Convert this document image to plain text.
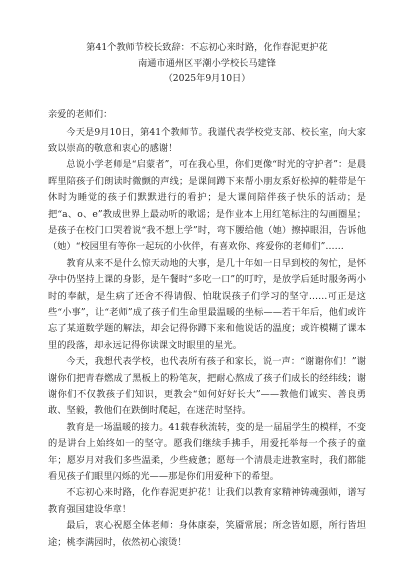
第41个教师节校长致辞：不忘初心来时路，化作春泥更护花
南通市通州区平潮小学校长马建锋
（2025年9月10日）
亲爱的老师们：

今天是9月10日，第41个教师节。我谨代表学校党支部、校长室，向大家致以崇高的敬意和衷心的感谢！

总说小学老师是“启蒙者”，可在我心里，你们更像“时光的守护者”：是晨晖里陪孩子们朗读时微颤的声线；是课间蹲下来帮小朋友系好松掉的鞋带是午休时为睡觉的孩子们默默进行的看护；是大课间陪伴孩子快乐的活动；是把“a、o、e”教成世界上最动听的歌谣；是作业本上用红笔标注的勾画圈星；是孩子在校门口哭着说“我不想上学”时，弯下腰给他（她）擦掉眼泪，告诉他（她）“校园里有等你一起玩的小伙伴，有喜欢你、疼爱你的老师们”……

教育从来不是什么惊天动地的大事，是几十年如一日早到校的匆忙，是怀孕中仍坚持上课的身影，是午餐时“多吃一口”的叮咛，是放学后延时服务两小时的奉献，是生病了还舍不得请假、怕耽误孩子们学习的坚守……可正是这些“小事”，让“老师”成了孩子们生命里最温暖的坐标——若干年后，他们或许忘了某道数学题的解法，却会记得你蹲下来和他说话的温度；或许模糊了课本里的段落，却永远记得你读课文时眼里的星光。

今天，我想代表学校，也代表所有孩子和家长，说一声：“谢谢你们！”谢谢你们把青春燃成了黑板上的粉笔灰，把耐心熬成了孩子们成长的经纬线；谢谢你们不仅教孩子们知识，更教会“如何好好长大”——教他们诚实、善良勇敢、坚毅，教他们在跌倒时爬起，在迷茫时坚持。

教育是一场温暖的接力。41载春秋流转，变的是一届届学生的模样，不变的是讲台上始终如一的坚守。愿我们继续手拂手，用爱托举每一个孩子的童年；愿岁月对我们多些温柔，少些疲惫；愿每一个清晨走进教室时，我们都能看见孩子们眼里闪烁的光——那是你们用爱种下的希望。

不忘初心来时路，化作春泥更护花！让我们以教育家精神铸魂强师，谱写教育强国建设华章！

最后，衷心祝愿全体老师：身体康泰，笑靥常展；所念皆如愿，所行皆坦途；桃李满园时，依然初心滚烫！
